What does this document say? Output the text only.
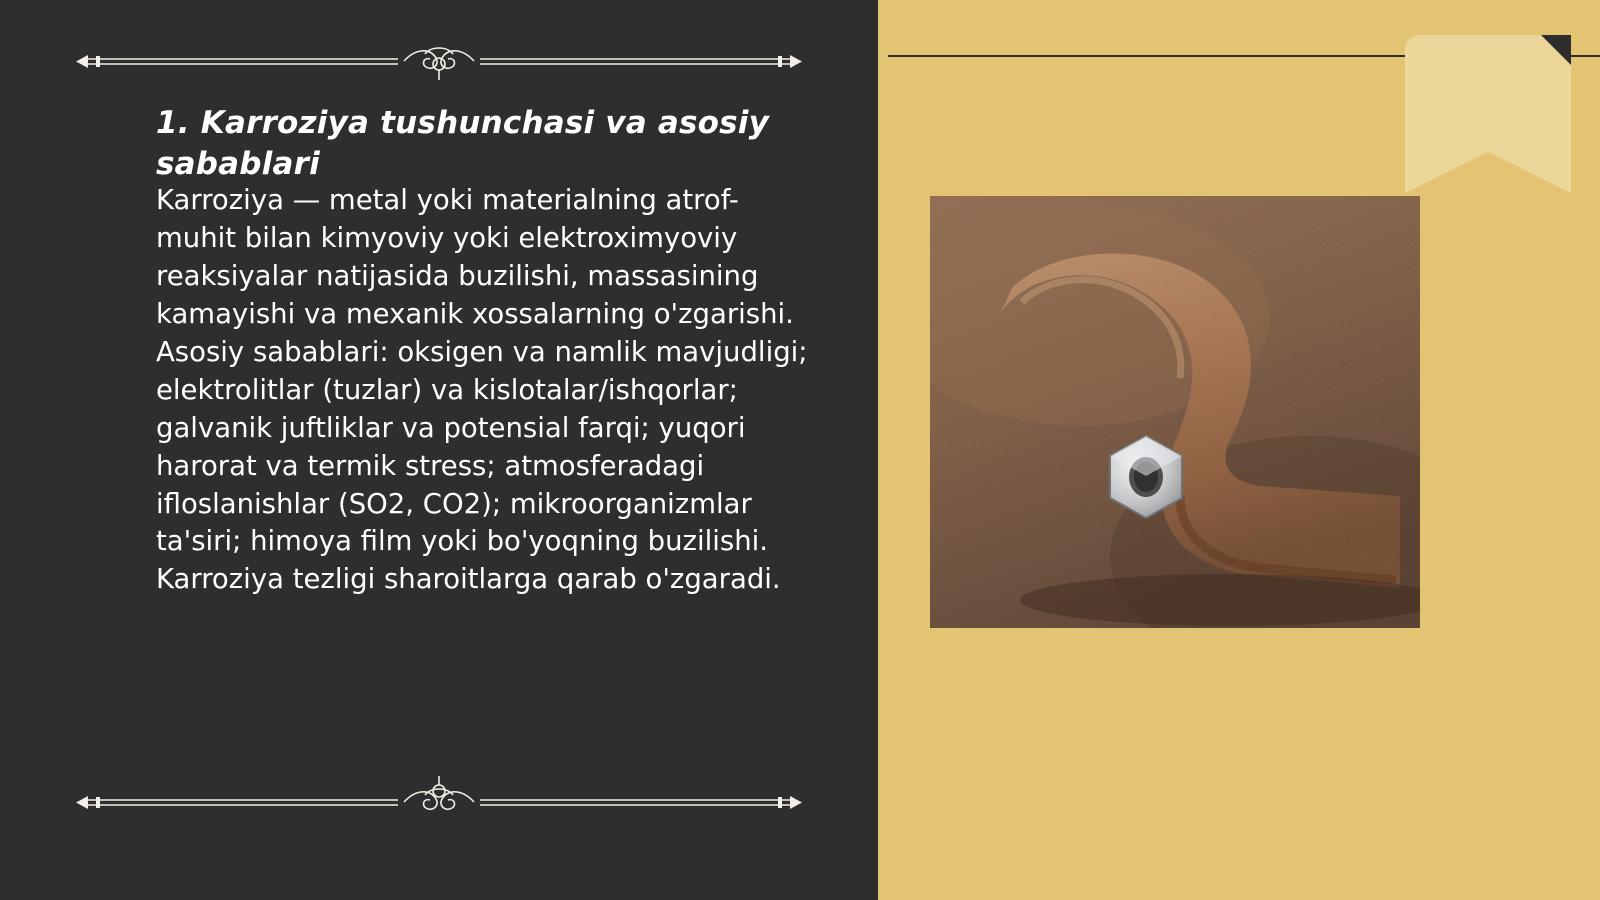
1. Karroziya tushunchasi va asosiy sabablari
Karroziya — metal yoki materialning atrof-muhit bilan kimyoviy yoki elektroximyoviy reaksiyalar natijasida buzilishi, massasining kamayishi va mexanik xossalarning o'zgarishi. Asosiy sabablari: oksigen va namlik mavjudligi; elektrolitlar (tuzlar) va kislotalar/ishqorlar; galvanik juftliklar va potensial farqi; yuqori harorat va termik stress; atmosferadagi ifloslanishlar (SO2, CO2); mikroorganizmlar ta'siri; himoya film yoki bo'yoqning buzilishi. Karroziya tezligi sharoitlarga qarab o'zgaradi.
